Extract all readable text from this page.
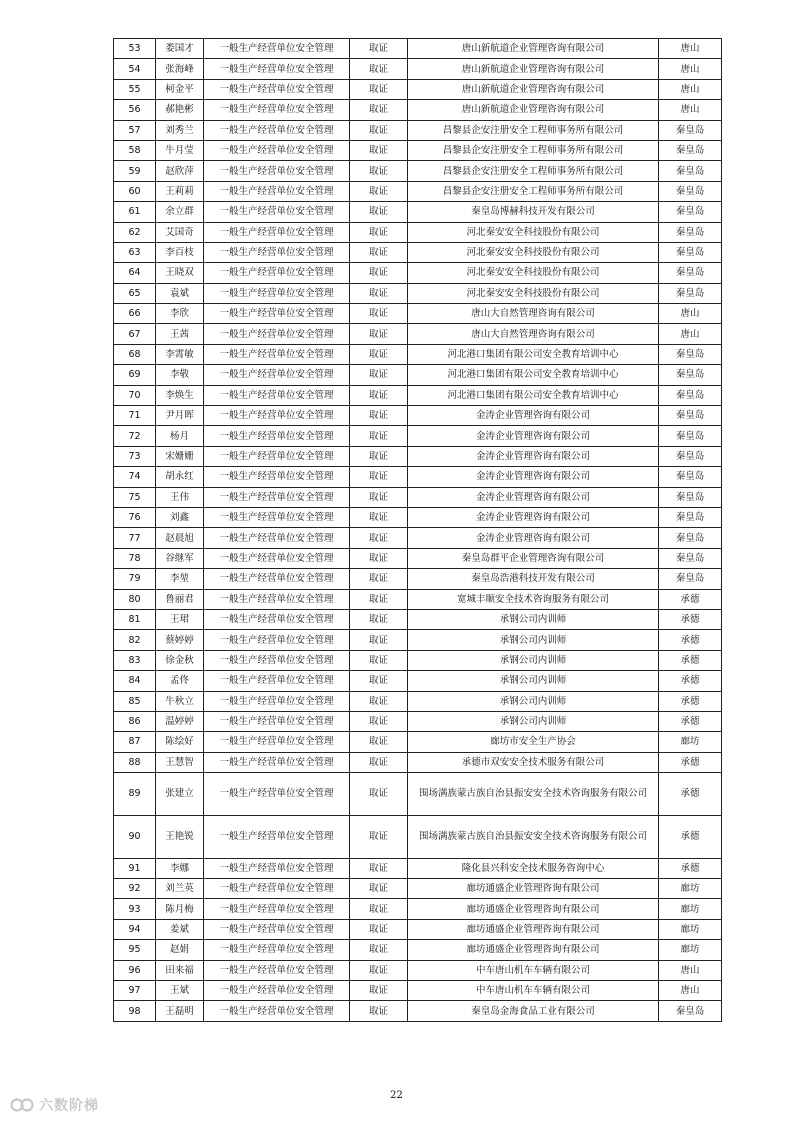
53	娄国才	一般生产经营单位安全管理	取证	唐山新航道企业管理咨询有限公司	唐山
54	张海峰	一般生产经营单位安全管理	取证	唐山新航道企业管理咨询有限公司	唐山
55	柯金平	一般生产经营单位安全管理	取证	唐山新航道企业管理咨询有限公司	唐山
56	郝艳彬	一般生产经营单位安全管理	取证	唐山新航道企业管理咨询有限公司	唐山
57	刘秀兰	一般生产经营单位安全管理	取证	昌黎县企安注册安全工程师事务所有限公司	秦皇岛
58	牛月莹	一般生产经营单位安全管理	取证	昌黎县企安注册安全工程师事务所有限公司	秦皇岛
59	赵欣萍	一般生产经营单位安全管理	取证	昌黎县企安注册安全工程师事务所有限公司	秦皇岛
60	王莉莉	一般生产经营单位安全管理	取证	昌黎县企安注册安全工程师事务所有限公司	秦皇岛
61	余立群	一般生产经营单位安全管理	取证	秦皇岛博赫科技开发有限公司	秦皇岛
62	艾国奇	一般生产经营单位安全管理	取证	河北秦安安全科技股份有限公司	秦皇岛
63	李百枝	一般生产经营单位安全管理	取证	河北秦安安全科技股份有限公司	秦皇岛
64	王晓双	一般生产经营单位安全管理	取证	河北秦安安全科技股份有限公司	秦皇岛
65	袁斌	一般生产经营单位安全管理	取证	河北秦安安全科技股份有限公司	秦皇岛
66	李欣	一般生产经营单位安全管理	取证	唐山大自然管理咨询有限公司	唐山
67	王茜	一般生产经营单位安全管理	取证	唐山大自然管理咨询有限公司	唐山
68	李霄敏	一般生产经营单位安全管理	取证	河北港口集团有限公司安全教育培训中心	秦皇岛
69	李敬	一般生产经营单位安全管理	取证	河北港口集团有限公司安全教育培训中心	秦皇岛
70	李焕生	一般生产经营单位安全管理	取证	河北港口集团有限公司安全教育培训中心	秦皇岛
71	尹月晖	一般生产经营单位安全管理	取证	金涛企业管理咨询有限公司	秦皇岛
72	杨月	一般生产经营单位安全管理	取证	金涛企业管理咨询有限公司	秦皇岛
73	宋姗姗	一般生产经营单位安全管理	取证	金涛企业管理咨询有限公司	秦皇岛
74	胡永红	一般生产经营单位安全管理	取证	金涛企业管理咨询有限公司	秦皇岛
75	王伟	一般生产经营单位安全管理	取证	金涛企业管理咨询有限公司	秦皇岛
76	刘鑫	一般生产经营单位安全管理	取证	金涛企业管理咨询有限公司	秦皇岛
77	赵晨旭	一般生产经营单位安全管理	取证	金涛企业管理咨询有限公司	秦皇岛
78	谷继军	一般生产经营单位安全管理	取证	秦皇岛群平企业管理咨询有限公司	秦皇岛
79	李堃	一般生产经营单位安全管理	取证	秦皇岛浩港科技开发有限公司	秦皇岛
80	鲁丽君	一般生产经营单位安全管理	取证	宽城丰顺安全技术咨询服务有限公司	承德
81	王珺	一般生产经营单位安全管理	取证	承钢公司内训师	承德
82	蔡婷婷	一般生产经营单位安全管理	取证	承钢公司内训师	承德
83	徐金秋	一般生产经营单位安全管理	取证	承钢公司内训师	承德
84	孟佟	一般生产经营单位安全管理	取证	承钢公司内训师	承德
85	牛秋立	一般生产经营单位安全管理	取证	承钢公司内训师	承德
86	温婷婷	一般生产经营单位安全管理	取证	承钢公司内训师	承德
87	陈绘好	一般生产经营单位安全管理	取证	廊坊市安全生产协会	廊坊
88	王慧智	一般生产经营单位安全管理	取证	承德市双安安全技术服务有限公司	承德
89	张建立	一般生产经营单位安全管理	取证	围场满族蒙古族自治县振安安全技术咨询服务有限公司	承德
90	王艳锐	一般生产经营单位安全管理	取证	围场满族蒙古族自治县振安安全技术咨询服务有限公司	承德
91	李娜	一般生产经营单位安全管理	取证	隆化县兴科安全技术服务咨询中心	承德
92	刘兰英	一般生产经营单位安全管理	取证	廊坊通盛企业管理咨询有限公司	廊坊
93	陈月梅	一般生产经营单位安全管理	取证	廊坊通盛企业管理咨询有限公司	廊坊
94	姜斌	一般生产经营单位安全管理	取证	廊坊通盛企业管理咨询有限公司	廊坊
95	赵娟	一般生产经营单位安全管理	取证	廊坊通盛企业管理咨询有限公司	廊坊
96	田来福	一般生产经营单位安全管理	取证	中车唐山机车车辆有限公司	唐山
97	王斌	一般生产经营单位安全管理	取证	中车唐山机车车辆有限公司	唐山
98	王磊明	一般生产经营单位安全管理	取证	秦皇岛金海食品工业有限公司	秦皇岛
22
六数阶梯
